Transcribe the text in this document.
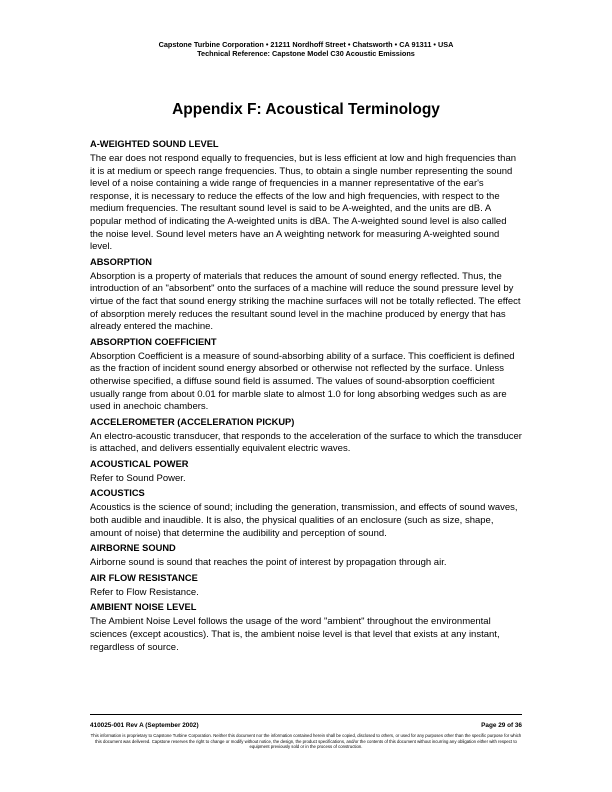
Capstone Turbine Corporation • 21211 Nordhoff Street • Chatsworth • CA 91311 • USA
Technical Reference: Capstone Model C30 Acoustic Emissions
Appendix F: Acoustical Terminology
A-WEIGHTED SOUND LEVEL
The ear does not respond equally to frequencies, but is less efficient at low and high frequencies than it is at medium or speech range frequencies. Thus, to obtain a single number representing the sound level of a noise containing a wide range of frequencies in a manner representative of the ear's response, it is necessary to reduce the effects of the low and high frequencies, with respect to the medium frequencies. The resultant sound level is said to be A-weighted, and the units are dB. A popular method of indicating the A-weighted units is dBA. The A-weighted sound level is also called the noise level. Sound level meters have an A weighting network for measuring A-weighted sound level.
ABSORPTION
Absorption is a property of materials that reduces the amount of sound energy reflected. Thus, the introduction of an "absorbent" onto the surfaces of a machine will reduce the sound pressure level by virtue of the fact that sound energy striking the machine surfaces will not be totally reflected. The effect of absorption merely reduces the resultant sound level in the machine produced by energy that has already entered the machine.
ABSORPTION COEFFICIENT
Absorption Coefficient is a measure of sound-absorbing ability of a surface. This coefficient is defined as the fraction of incident sound energy absorbed or otherwise not reflected by the surface. Unless otherwise specified, a diffuse sound field is assumed. The values of sound-absorption coefficient usually range from about 0.01 for marble slate to almost 1.0 for long absorbing wedges such as are used in anechoic chambers.
ACCELEROMETER (ACCELERATION PICKUP)
An electro-acoustic transducer, that responds to the acceleration of the surface to which the transducer is attached, and delivers essentially equivalent electric waves.
ACOUSTICAL POWER
Refer to Sound Power.
ACOUSTICS
Acoustics is the science of sound; including the generation, transmission, and effects of sound waves, both audible and inaudible. It is also, the physical qualities of an enclosure (such as size, shape, amount of noise) that determine the audibility and perception of sound.
AIRBORNE SOUND
Airborne sound is sound that reaches the point of interest by propagation through air.
AIR FLOW RESISTANCE
Refer to Flow Resistance.
AMBIENT NOISE LEVEL
The Ambient Noise Level follows the usage of the word "ambient" throughout the environmental sciences (except acoustics). That is, the ambient noise level is that level that exists at any instant, regardless of source.
410025-001 Rev A (September 2002)	Page 29 of 36
This information is proprietary to Capstone Turbine Corporation. Neither this document nor the information contained herein shall be copied, disclosed to others, or used for any purposes other than the specific purpose for which this document was delivered. Capstone reserves the right to change or modify without notice, the design, the product specifications, and/or the contents of this document without incurring any obligation either with respect to equipment previously sold or in the process of construction.
